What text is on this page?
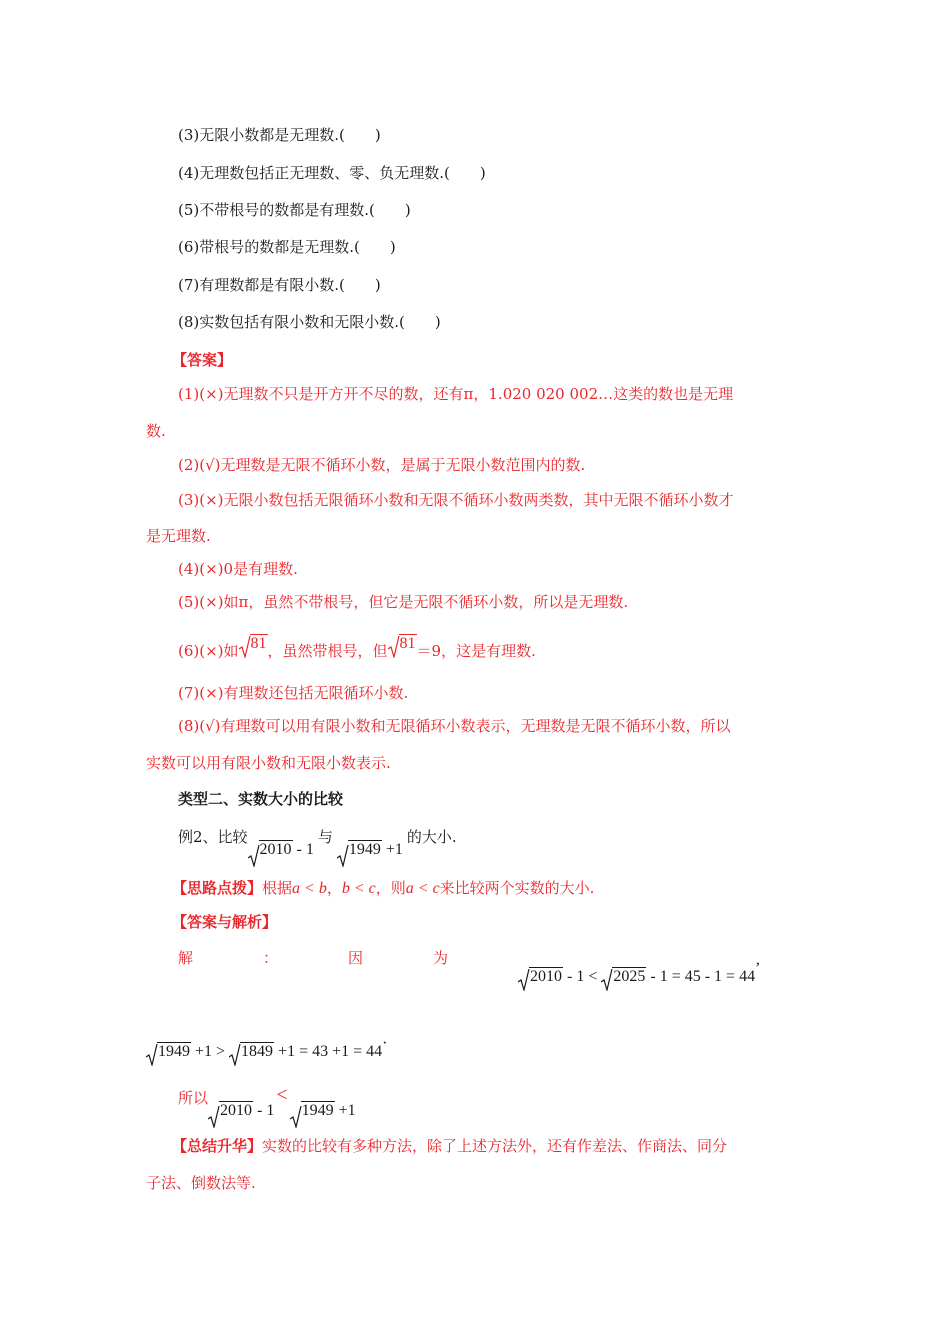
(3)无限小数都是无理数.(　　)
(4)无理数包括正无理数、零、负无理数.(　　)
(5)不带根号的数都是有理数.(　　)
(6)带根号的数都是无理数.(　　)
(7)有理数都是有限小数.(　　)
(8)实数包括有限小数和无限小数.(　　)
【答案】
(1)(×)无理数不只是开方开不尽的数，还有π，1.020 020 002…这类的数也是无理
数.
(2)(√)无理数是无限不循环小数，是属于无限小数范围内的数.
(3)(×)无限小数包括无限循环小数和无限不循环小数两类数，其中无限不循环小数才
是无理数.
(4)(×)0是有理数.
(5)(×)如π，虽然不带根号，但它是无限不循环小数，所以是无理数.
(6)(×)如 81，虽然带根号，但 81＝9，这是有理数.
(7)(×)有理数还包括无限循环小数.
(8)(√)有理数可以用有限小数和无限循环小数表示，无理数是无限不循环小数，所以
实数可以用有限小数和无限小数表示.
类型二、实数大小的比较
例2、比较
2010 - 1与
1949 +1的大小.
【思路点拨】根据a < b，b < c，则a < c来比较两个实数的大小.
【答案与解析】
解	：	因	为
2010 - 1 <
2025 - 1 = 45 - 1 = 44’
1949 +1 >
1849 +1 = 43 +1 = 44·
所以
2010 - 1<
1949 +1
【总结升华】实数的比较有多种方法，除了上述方法外，还有作差法、作商法、同分
子法、倒数法等.
